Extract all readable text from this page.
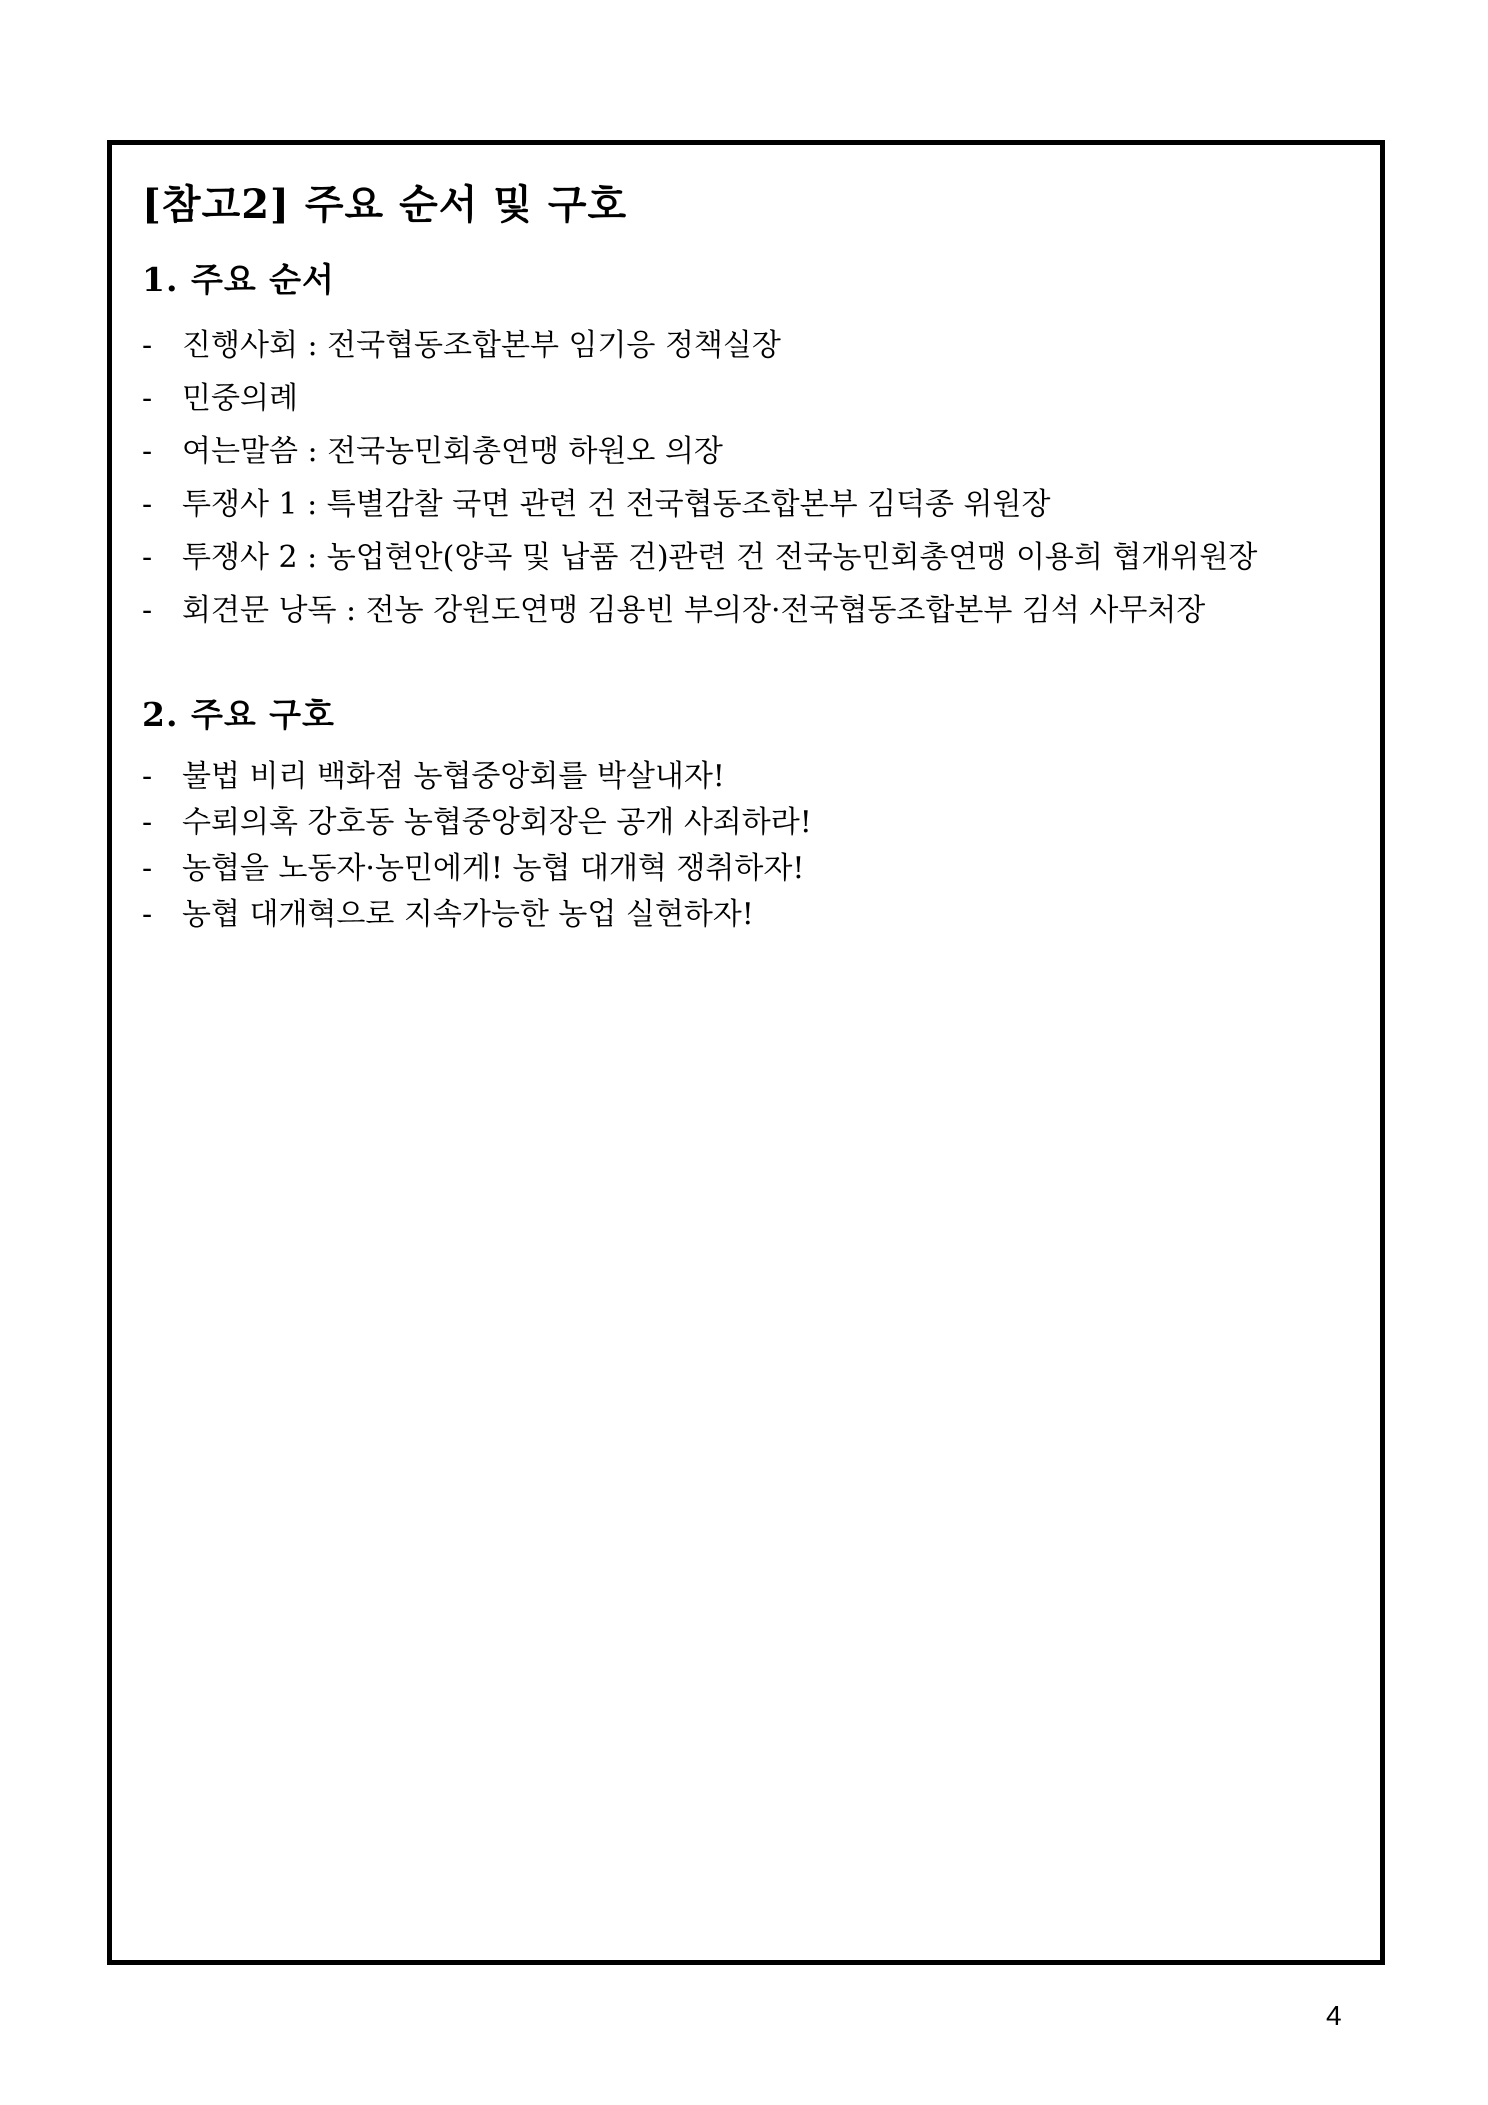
[참고2] 주요 순서 및 구호
1. 주요 순서
- 진행사회 : 전국협동조합본부 임기응 정책실장
- 민중의례
- 여는말씀 : 전국농민회총연맹 하원오 의장
- 투쟁사 1 : 특별감찰 국면 관련 건 전국협동조합본부 김덕종 위원장
- 투쟁사 2 : 농업현안(양곡 및 납품 건)관련 건 전국농민회총연맹 이용희 협개위원장
- 회견문 낭독 : 전농 강원도연맹 김용빈 부의장·전국협동조합본부 김석 사무처장
2. 주요 구호
- 불법 비리 백화점 농협중앙회를 박살내자!
- 수뢰의혹 강호동 농협중앙회장은 공개 사죄하라!
- 농협을 노동자·농민에게! 농협 대개혁 쟁취하자!
- 농협 대개혁으로 지속가능한 농업 실현하자!
4
